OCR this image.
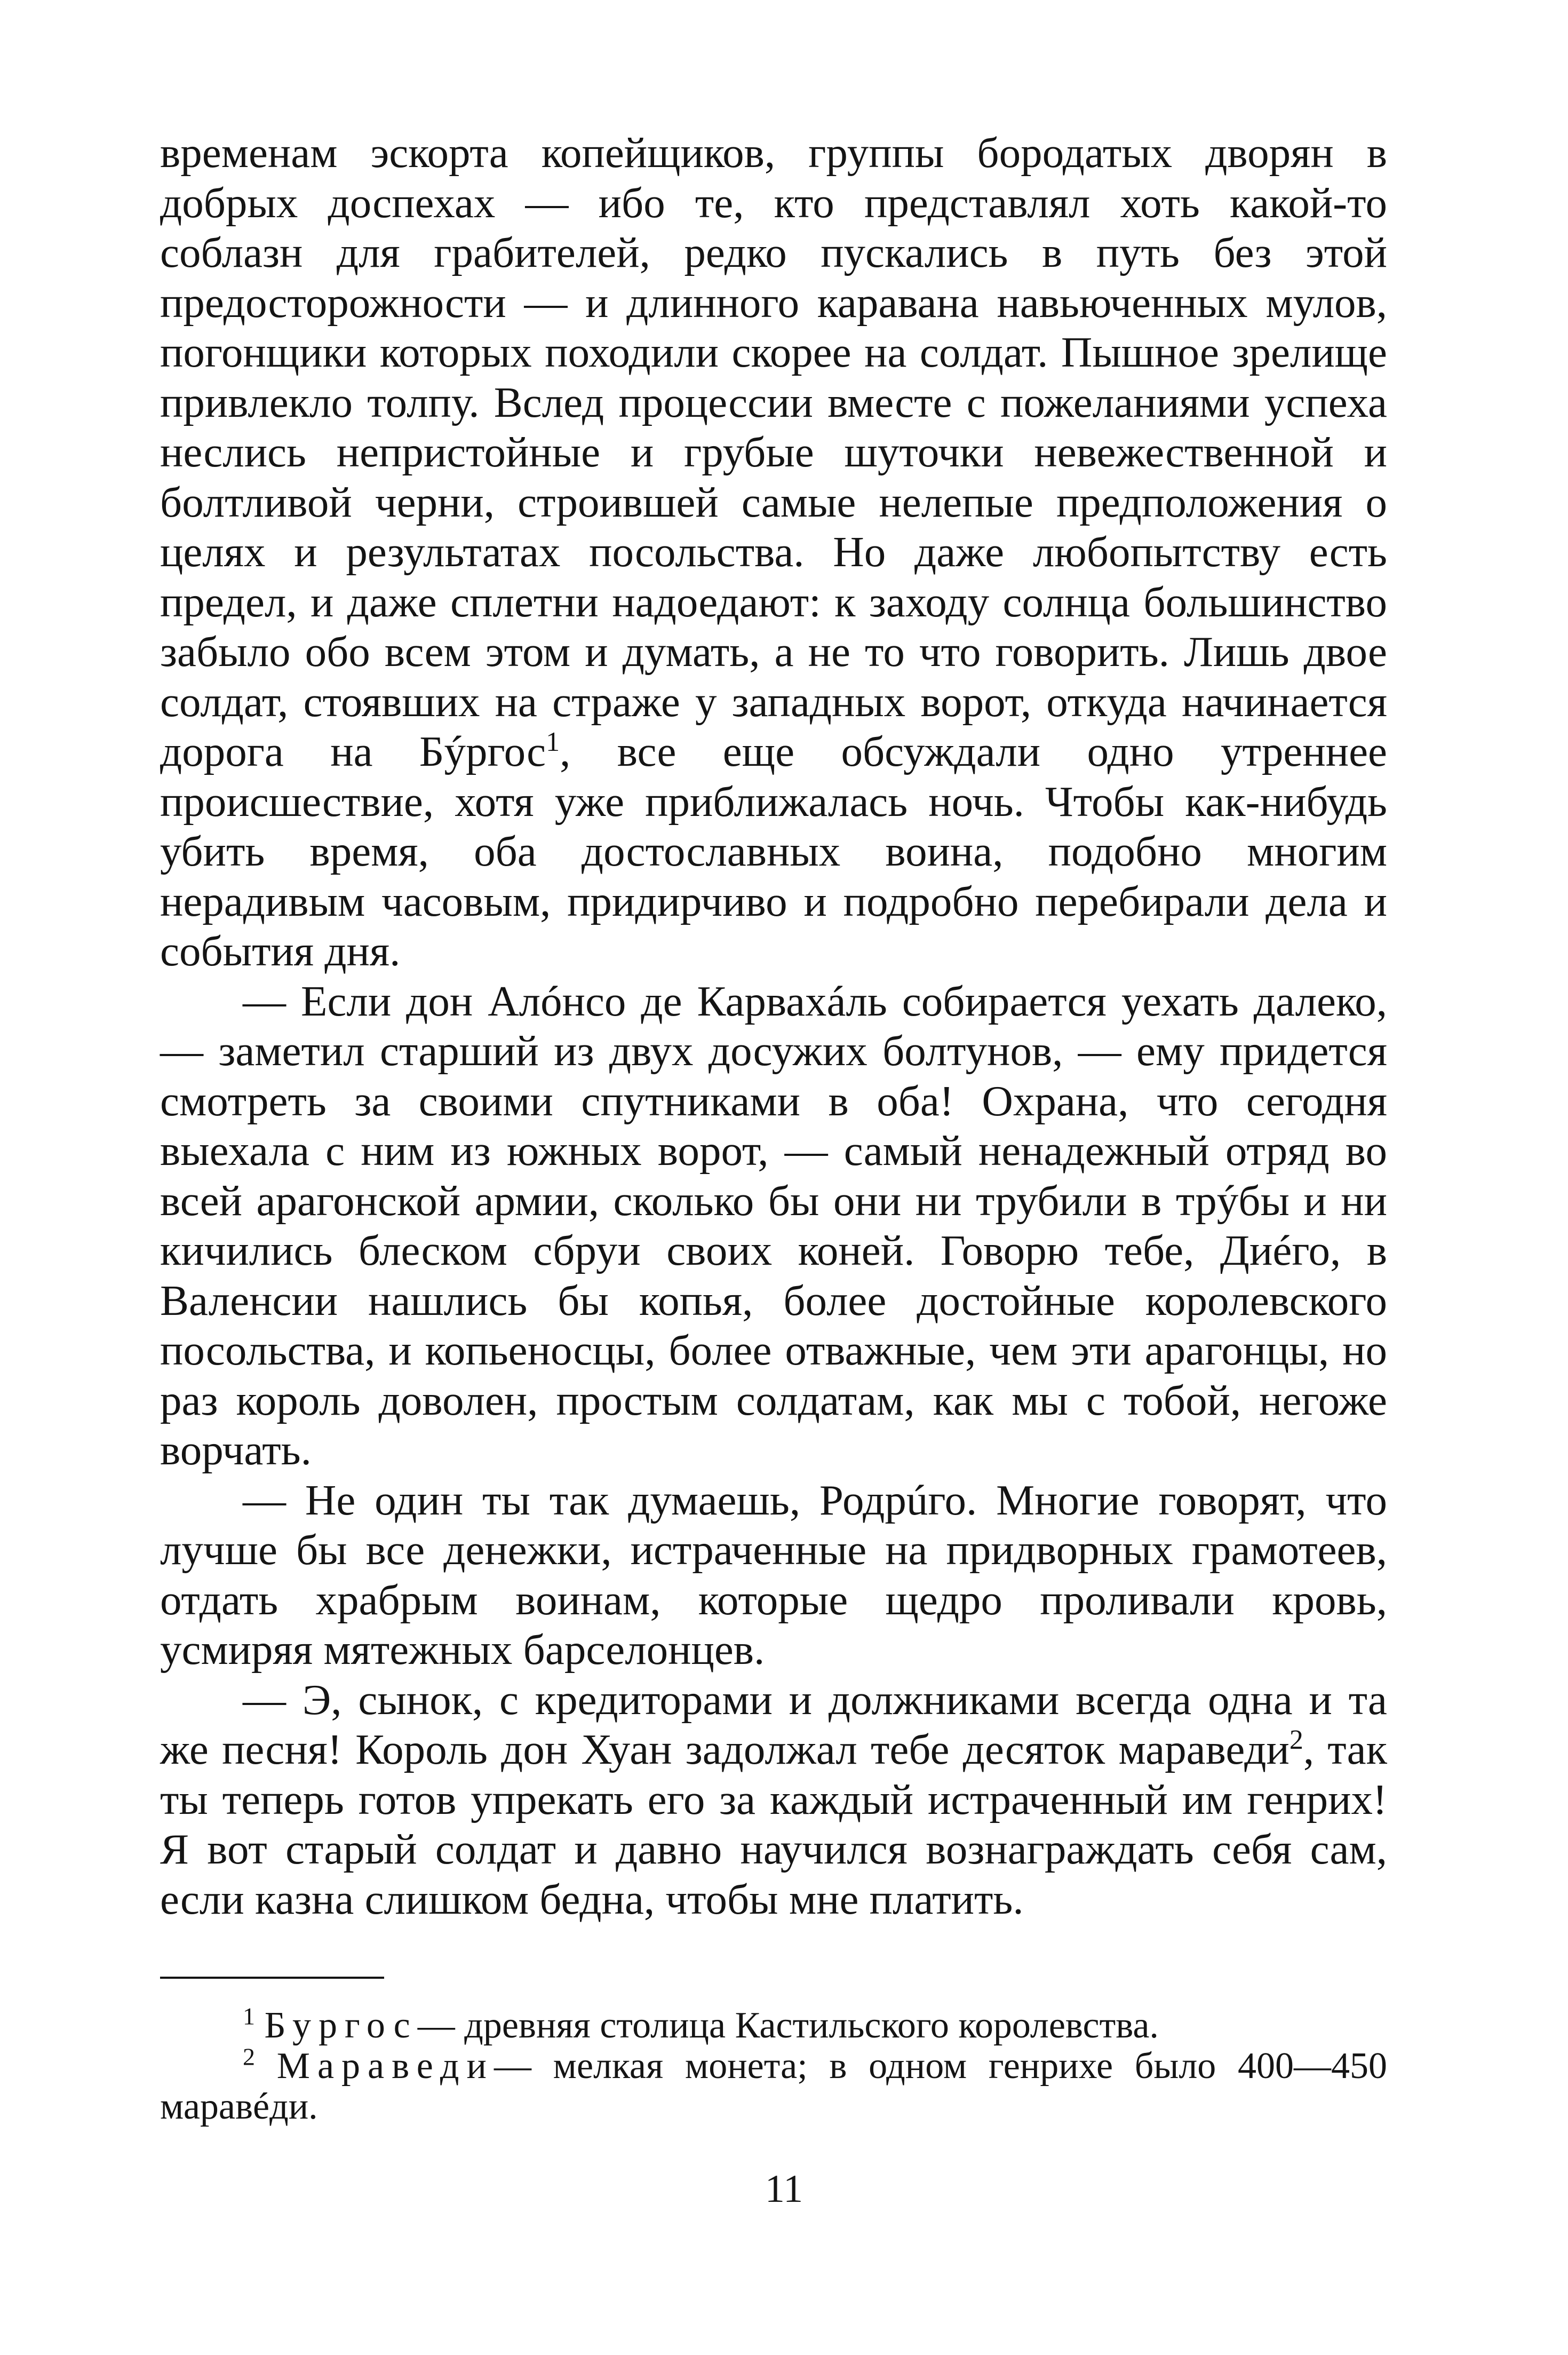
временам эскорта копейщиков, группы бородатых дворян в добрых доспехах — ибо те, кто представлял хоть какой-то соблазн для грабителей, редко пускались в путь без этой предосторожности — и длинного каравана навьюченных мулов, погонщики которых походили скорее на солдат. Пышное зрелище привлекло толпу. Вслед процессии вместе с пожеланиями успеха неслись непристойные и грубые шуточки невежественной и болтливой черни, строившей самые нелепые предположения о целях и результатах посольства. Но даже любопытству есть предел, и даже сплетни надоедают: к заходу солнца большинство забыло обо всем этом и думать, а не то что говорить. Лишь двое солдат, стоявших на страже у западных ворот, откуда начинается дорога на Бýргос$^1$, все еще обсуждали одно утреннее происшествие, хотя уже приближалась ночь. Чтобы как-нибудь убить время, оба достославных воина, подобно многим нерадивым часовым, придирчиво и подробно перебирали дела и события дня.

— Если дон Алóнсо де Карвахáль собирается уехать далеко, — заметил старший из двух досужих болтунов, — ему придется смотреть за своими спутниками в оба! Охрана, что сегодня выехала с ним из южных ворот, — самый ненадежный отряд во всей арагонской армии, сколько бы они ни трубили в трýбы и ни кичились блеском сбруи своих коней. Говорю тебе, Диéго, в Валенсии нашлись бы копья, более достойные королевского посольства, и копьеносцы, более отважные, чем эти арагонцы, но раз король доволен, простым солдатам, как мы с тобой, негоже ворчать.

— Не один ты так думаешь, Родрúго. Многие говорят, что лучше бы все денежки, истраченные на придворных грамотеев, отдать храбрым воинам, которые щедро проливали кровь, усмиряя мятежных барселонцев.

— Э, сынок, с кредиторами и должниками всегда одна и та же песня! Король дон Хуан задолжал тебе десяток мараведи$^2$, так ты теперь готов упрекать его за каждый истраченный им генрих! Я вот старый солдат и давно научился вознаграждать себя сам, если казна слишком бедна, чтобы мне платить.

$^1$ Бургос— древняя столица Кастильского королевства.

$^2$ Мараведи— мелкая монета; в одном генрихе было 400—450 маравéди.

11
